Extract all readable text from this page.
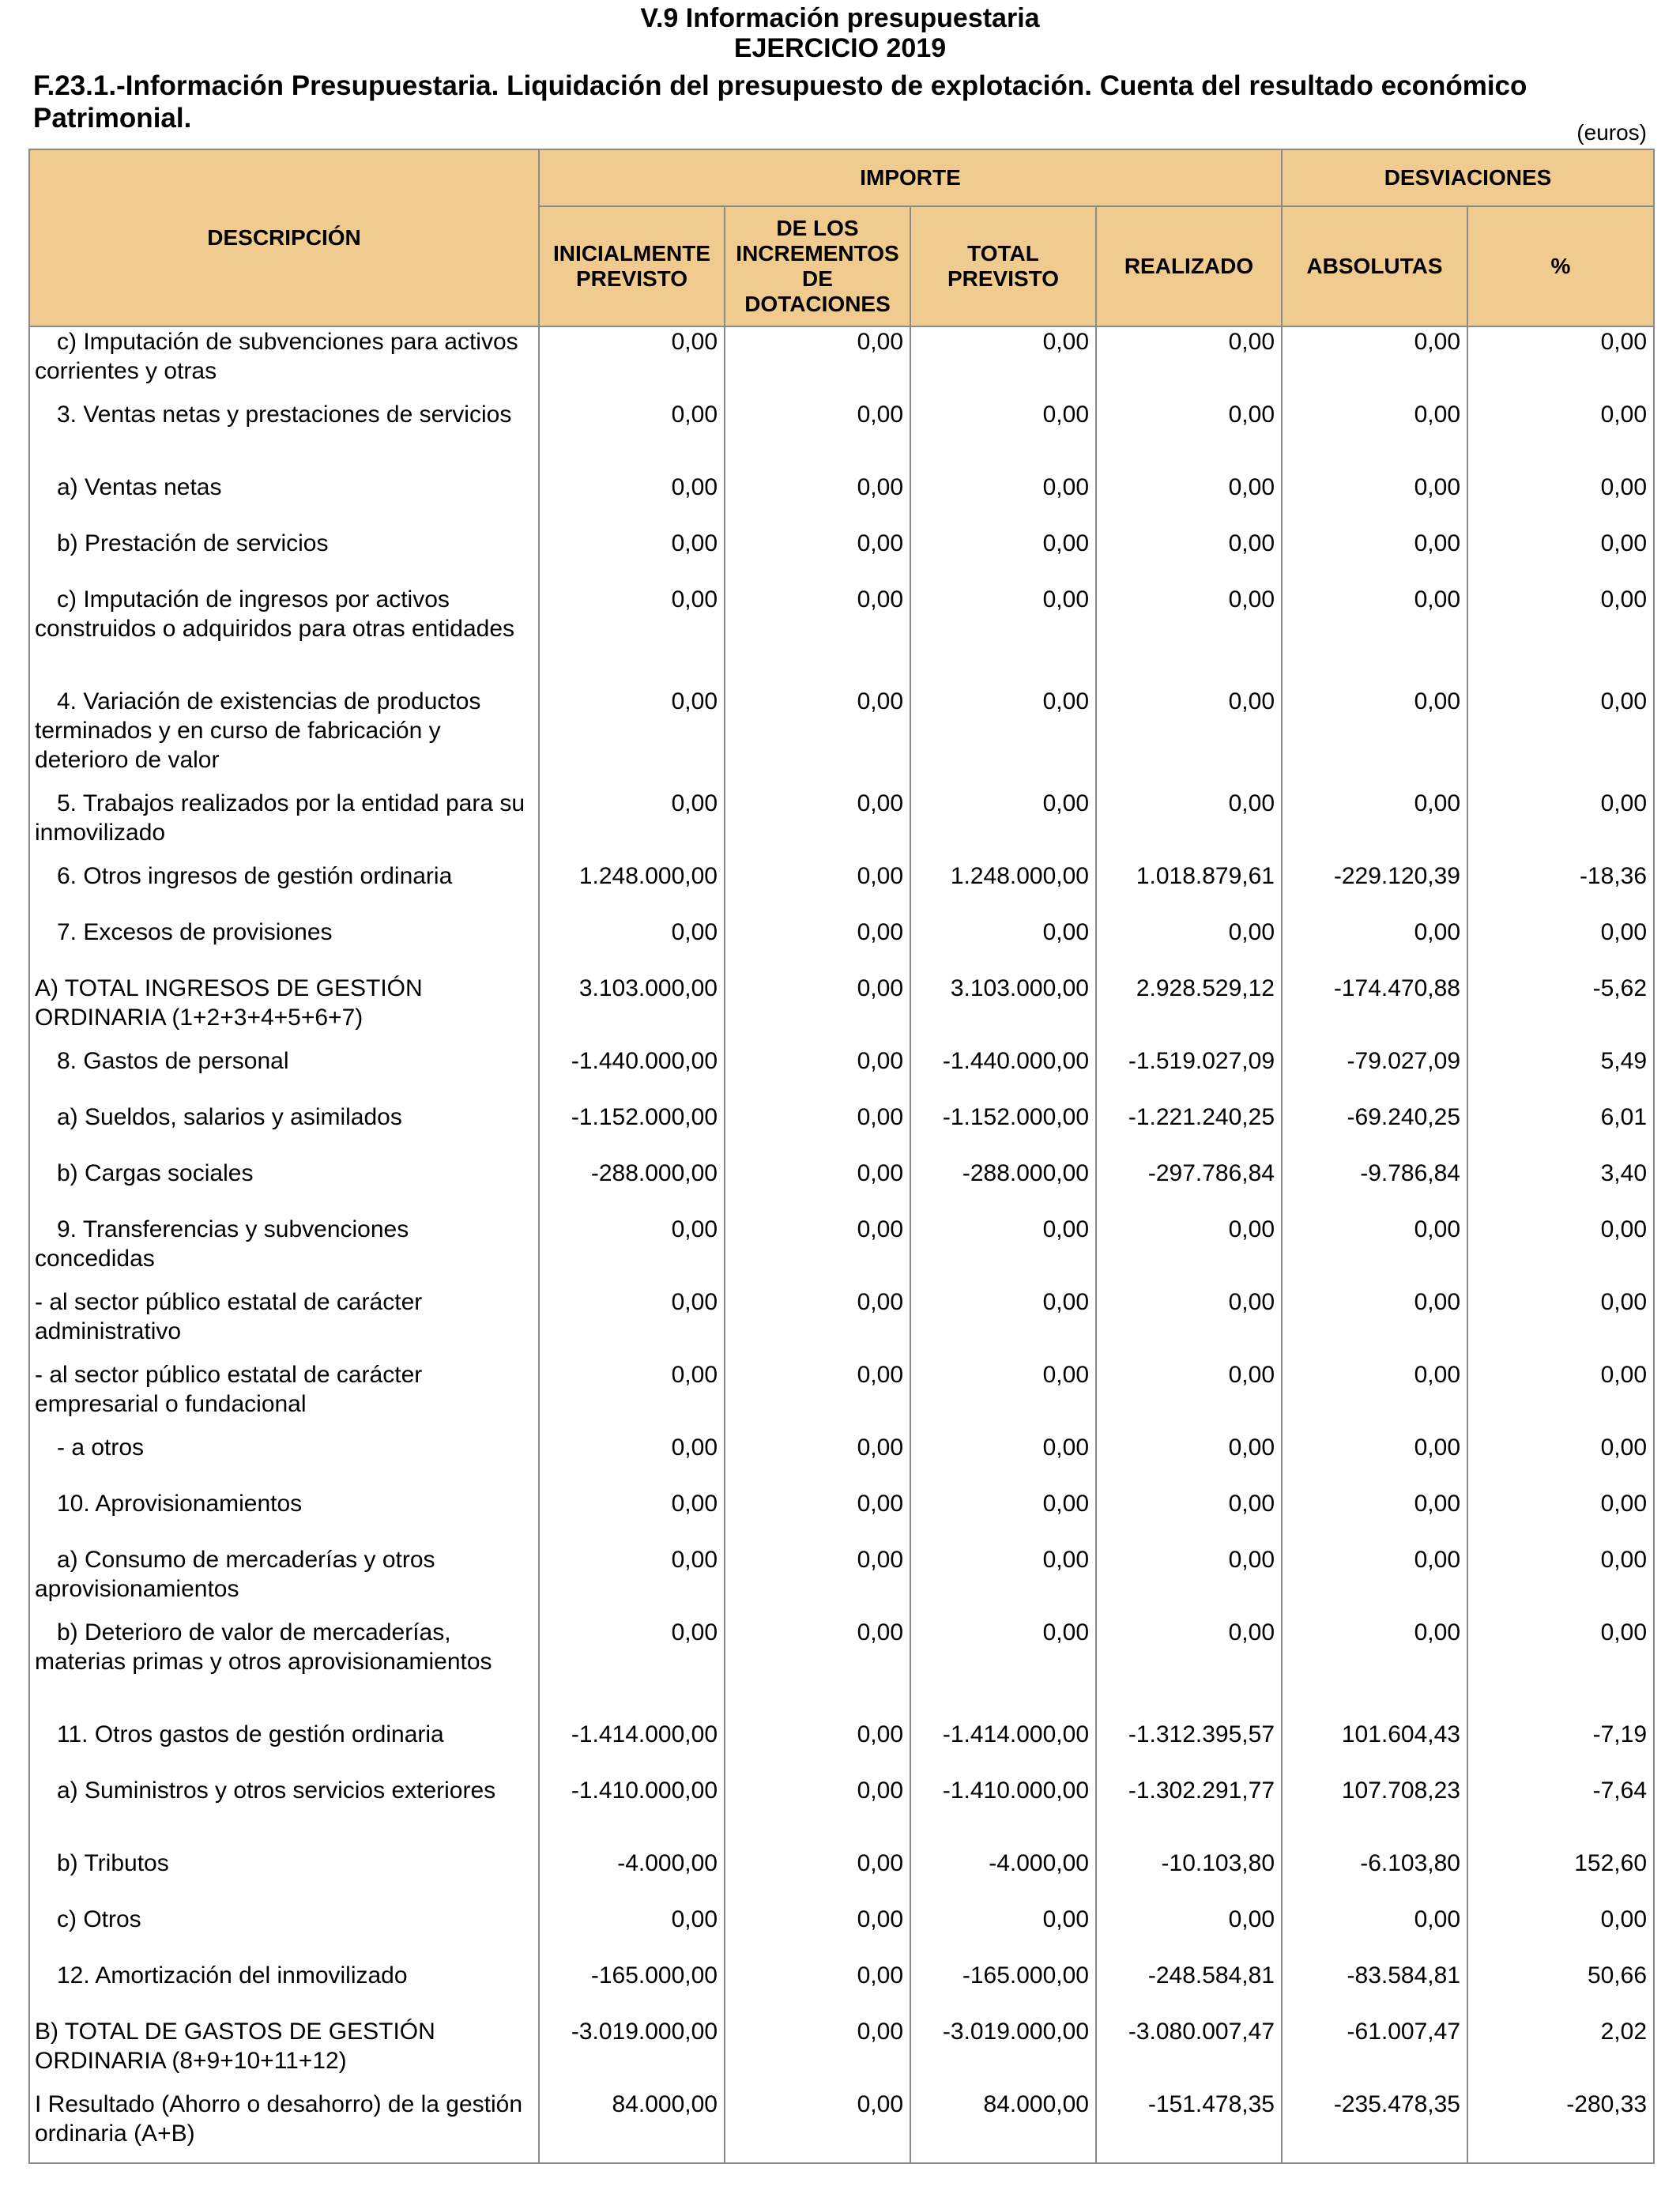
V.9 Información presupuestaria
EJERCICIO 2019
F.23.1.-Información Presupuestaria. Liquidación del presupuesto de explotación. Cuenta del resultado económico Patrimonial.	(euros)
DESCRIPCIÓN	IMPORTE				DESVIACIONES	
	INICIALMENTE PREVISTO	DE LOS INCREMENTOS DE DOTACIONES	TOTAL PREVISTO	REALIZADO	ABSOLUTAS	%
c) Imputación de subvenciones para activos corrientes y otras	0,00	0,00	0,00	0,00	0,00	0,00
3. Ventas netas y prestaciones de servicios	0,00	0,00	0,00	0,00	0,00	0,00
a) Ventas netas	0,00	0,00	0,00	0,00	0,00	0,00
b) Prestación de servicios	0,00	0,00	0,00	0,00	0,00	0,00
c) Imputación de ingresos por activos construidos o adquiridos para otras entidades	0,00	0,00	0,00	0,00	0,00	0,00
4. Variación de existencias de productos terminados y en curso de fabricación y deterioro de valor	0,00	0,00	0,00	0,00	0,00	0,00
5. Trabajos realizados por la entidad para su inmovilizado	0,00	0,00	0,00	0,00	0,00	0,00
6. Otros ingresos de gestión ordinaria	1.248.000,00	0,00	1.248.000,00	1.018.879,61	-229.120,39	-18,36
7. Excesos de provisiones	0,00	0,00	0,00	0,00	0,00	0,00
A) TOTAL INGRESOS DE GESTIÓN ORDINARIA (1+2+3+4+5+6+7)	3.103.000,00	0,00	3.103.000,00	2.928.529,12	-174.470,88	-5,62
8. Gastos de personal	-1.440.000,00	0,00	-1.440.000,00	-1.519.027,09	-79.027,09	5,49
a) Sueldos, salarios y asimilados	-1.152.000,00	0,00	-1.152.000,00	-1.221.240,25	-69.240,25	6,01
b) Cargas sociales	-288.000,00	0,00	-288.000,00	-297.786,84	-9.786,84	3,40
9. Transferencias y subvenciones concedidas	0,00	0,00	0,00	0,00	0,00	0,00
- al sector público estatal de carácter administrativo	0,00	0,00	0,00	0,00	0,00	0,00
- al sector público estatal de carácter empresarial o fundacional	0,00	0,00	0,00	0,00	0,00	0,00
- a otros	0,00	0,00	0,00	0,00	0,00	0,00
10. Aprovisionamientos	0,00	0,00	0,00	0,00	0,00	0,00
a) Consumo de mercaderías y otros aprovisionamientos	0,00	0,00	0,00	0,00	0,00	0,00
b) Deterioro de valor de mercaderías, materias primas y otros aprovisionamientos	0,00	0,00	0,00	0,00	0,00	0,00
11. Otros gastos de gestión ordinaria	-1.414.000,00	0,00	-1.414.000,00	-1.312.395,57	101.604,43	-7,19
a) Suministros y otros servicios exteriores	-1.410.000,00	0,00	-1.410.000,00	-1.302.291,77	107.708,23	-7,64
b) Tributos	-4.000,00	0,00	-4.000,00	-10.103,80	-6.103,80	152,60
c) Otros	0,00	0,00	0,00	0,00	0,00	0,00
12. Amortización del inmovilizado	-165.000,00	0,00	-165.000,00	-248.584,81	-83.584,81	50,66
B) TOTAL DE GASTOS DE GESTIÓN ORDINARIA (8+9+10+11+12)	-3.019.000,00	0,00	-3.019.000,00	-3.080.007,47	-61.007,47	2,02
I Resultado (Ahorro o desahorro) de la gestión ordinaria (A+B)	84.000,00	0,00	84.000,00	-151.478,35	-235.478,35	-280,33
